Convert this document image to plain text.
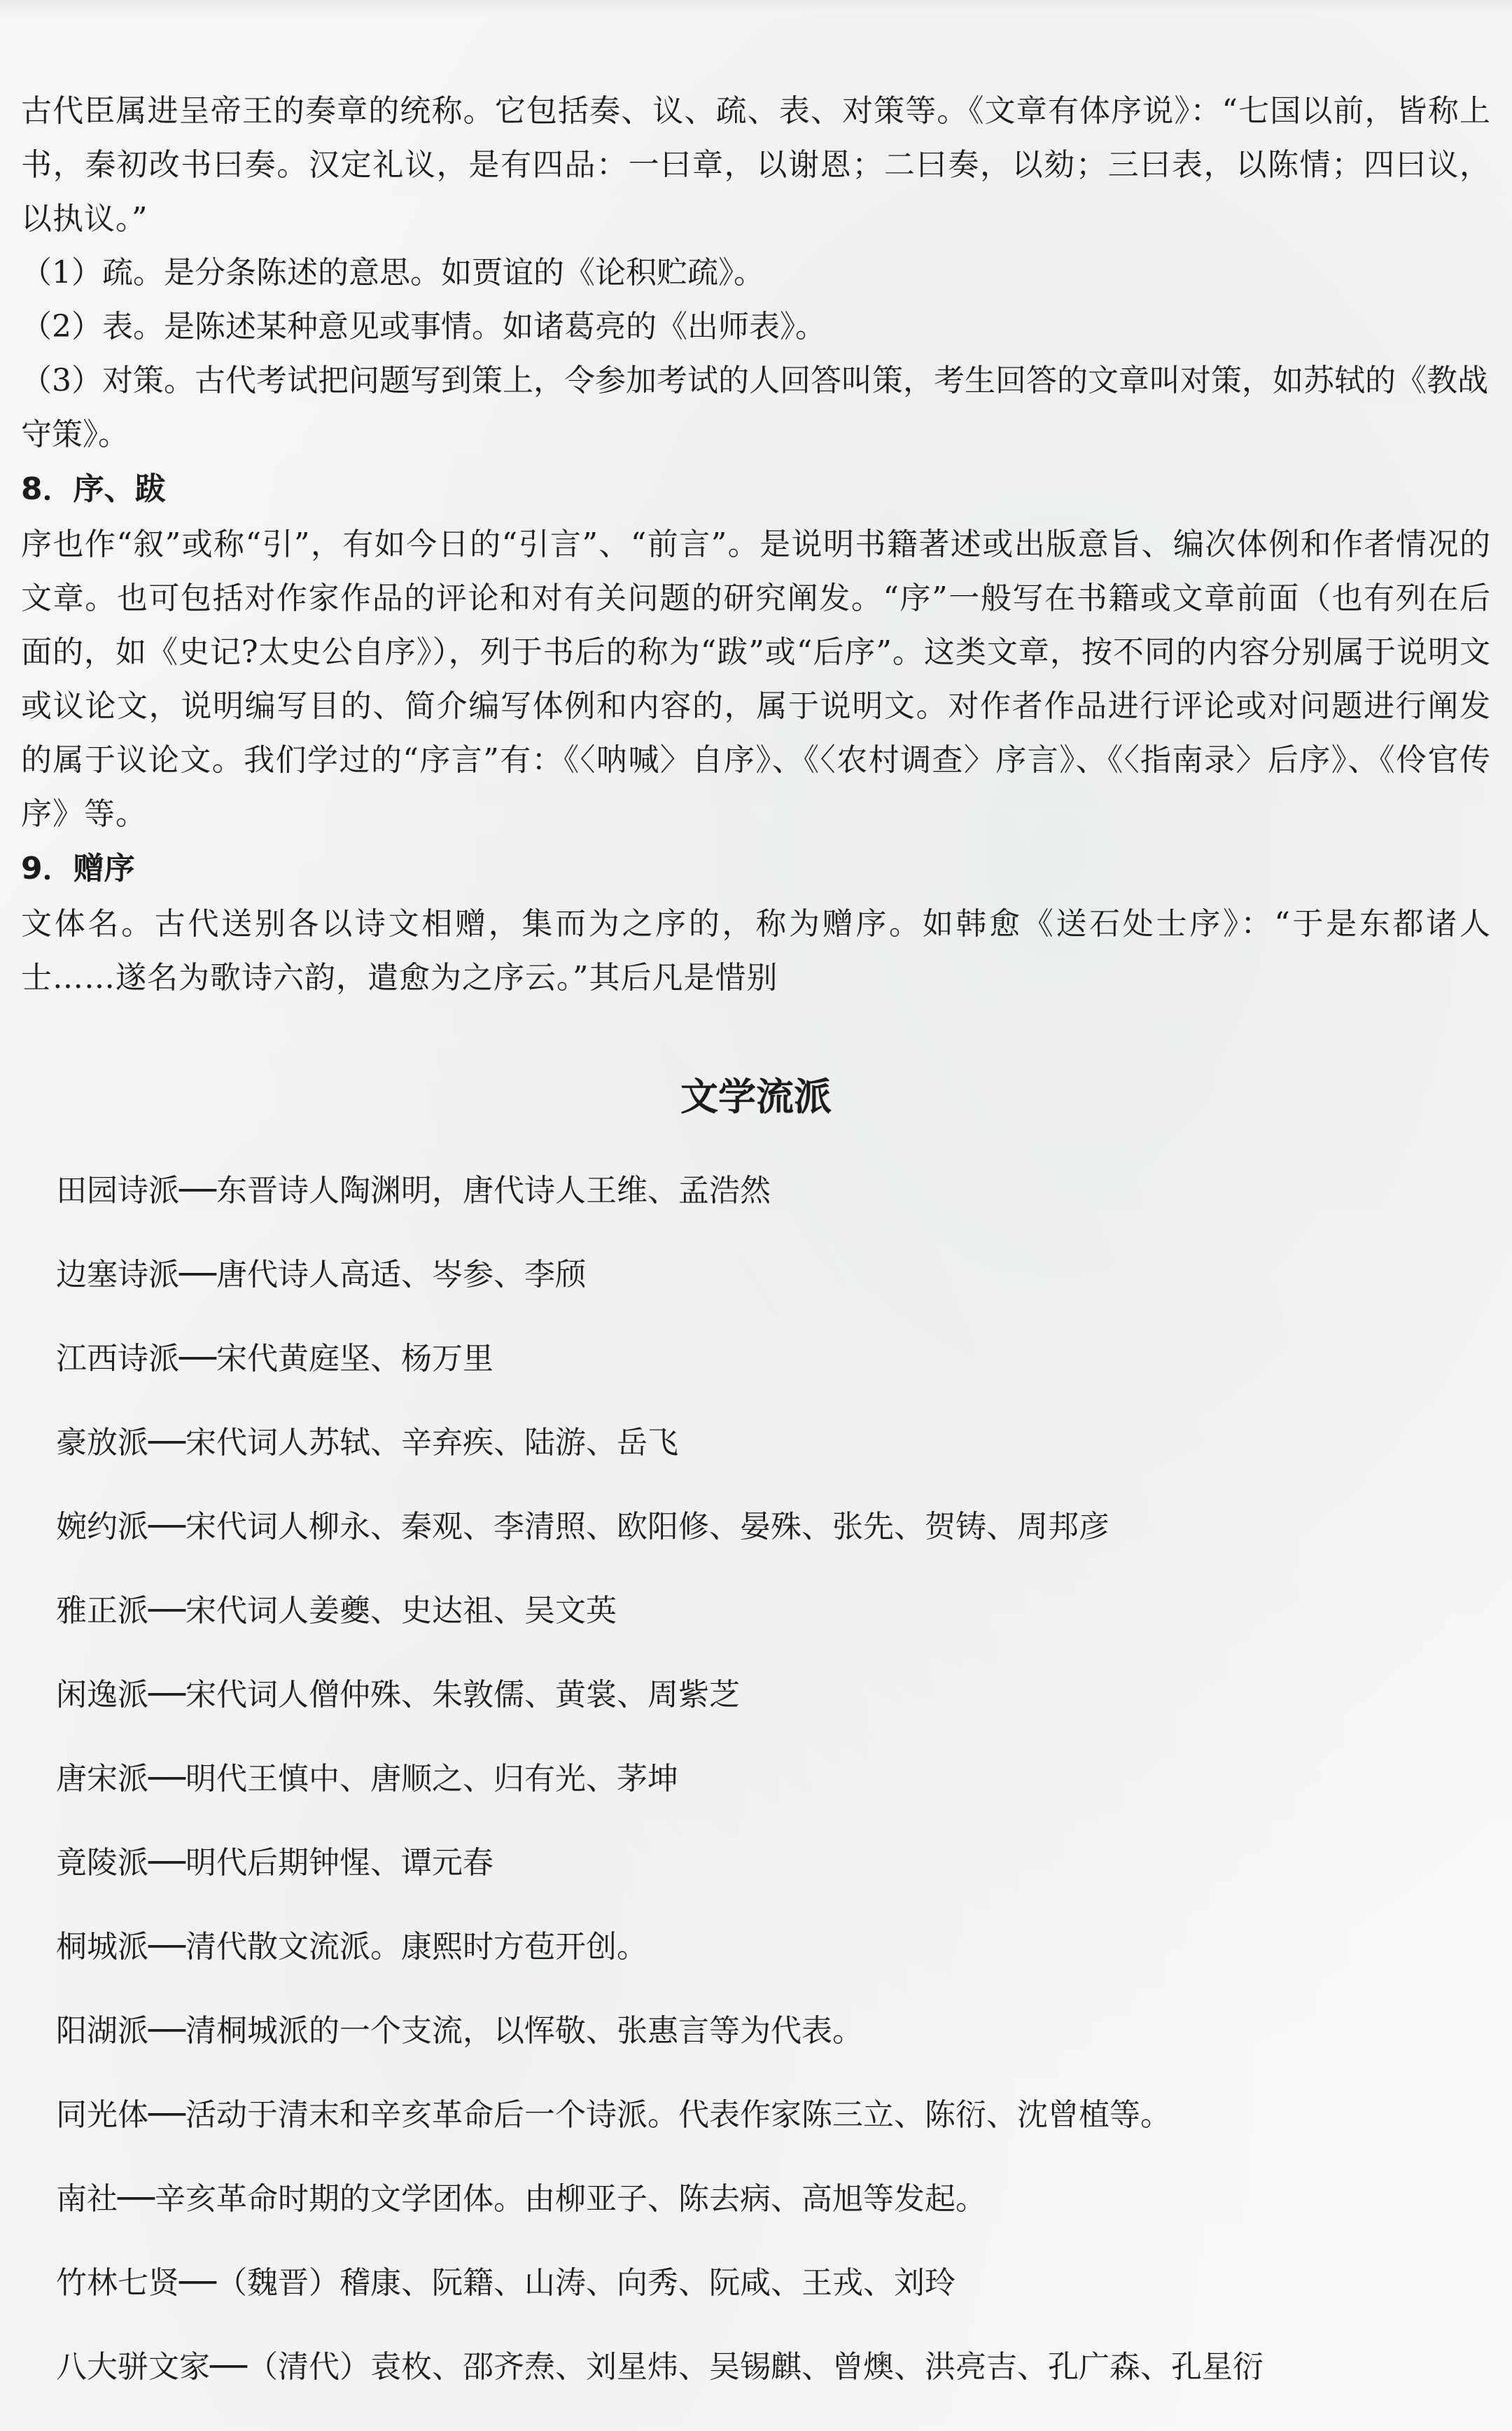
古代臣属进呈帝王的奏章的统称。它包括奏、议、疏、表、对策等。《文章有体序说》：“七国以前，皆称上书，秦初改书曰奏。汉定礼议，是有四品：一曰章，以谢恩；二曰奏，以劾；三曰表，以陈情；四曰议，以执议。”

（1）疏。是分条陈述的意思。如贾谊的《论积贮疏》。

（2）表。是陈述某种意见或事情。如诸葛亮的《出师表》。

（3）对策。古代考试把问题写到策上，令参加考试的人回答叫策，考生回答的文章叫对策，如苏轼的《教战守策》。

8．序、跋

序也作“叙”或称“引”，有如今日的“引言”、“前言”。是说明书籍著述或出版意旨、编次体例和作者情况的文章。也可包括对作家作品的评论和对有关问题的研究阐发。“序”一般写在书籍或文章前面（也有列在后面的，如《史记?太史公自序》），列于书后的称为“跋”或“后序”。这类文章，按不同的内容分别属于说明文或议论文，说明编写目的、简介编写体例和内容的，属于说明文。对作者作品进行评论或对问题进行阐发的属于议论文。我们学过的“序言”有：《〈呐喊〉自序》、《〈农村调查〉序言》、《〈指南录〉后序》、《伶官传序》等。

9．赠序

文体名。古代送别各以诗文相赠，集而为之序的，称为赠序。如韩愈《送石处士序》：“于是东都诸人士……遂名为歌诗六韵，遣愈为之序云。”其后凡是惜别

文学流派

田园诗派──东晋诗人陶渊明，唐代诗人王维、孟浩然

边塞诗派──唐代诗人高适、岑参、李颀

江西诗派──宋代黄庭坚、杨万里

豪放派──宋代词人苏轼、辛弃疾、陆游、岳飞

婉约派──宋代词人柳永、秦观、李清照、欧阳修、晏殊、张先、贺铸、周邦彦

雅正派──宋代词人姜夔、史达祖、吴文英

闲逸派──宋代词人僧仲殊、朱敦儒、黄裳、周紫芝

唐宋派──明代王慎中、唐顺之、归有光、茅坤

竟陵派──明代后期钟惺、谭元春

桐城派──清代散文流派。康熙时方苞开创。

阳湖派──清桐城派的一个支流，以恽敬、张惠言等为代表。

同光体──活动于清末和辛亥革命后一个诗派。代表作家陈三立、陈衍、沈曾植等。

南社──辛亥革命时期的文学团体。由柳亚子、陈去病、高旭等发起。

竹林七贤──（魏晋）稽康、阮籍、山涛、向秀、阮咸、王戎、刘玲

八大骈文家──（清代）袁枚、邵齐焘、刘星炜、吴锡麒、曾燠、洪亮吉、孔广森、孔星衍
